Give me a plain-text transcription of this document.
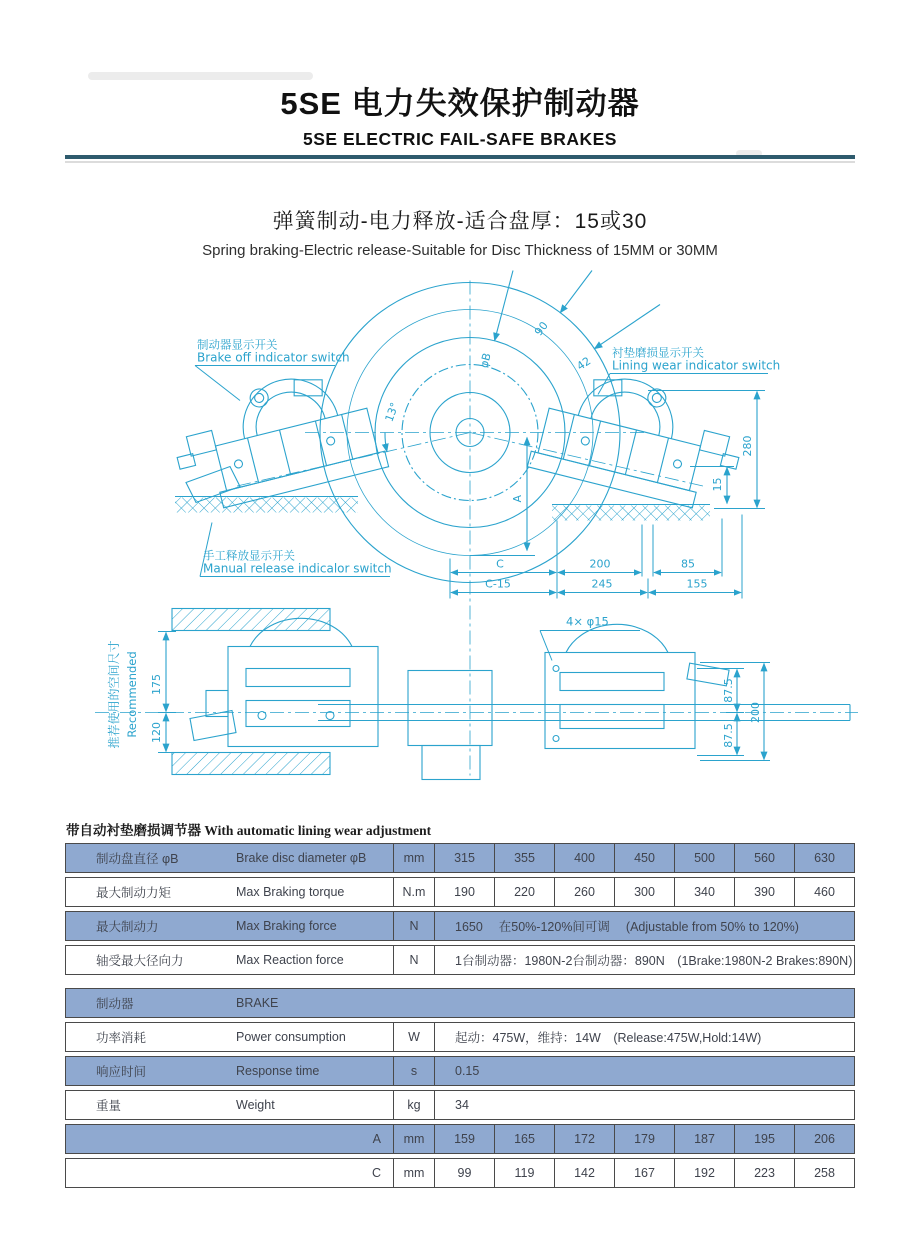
5SE 电力失效保护制动器
5SE ELECTRIC FAIL-SAFE BRAKES
弹簧制动-电力释放-适合盘厚：15或30
Spring braking-Electric release-Suitable for Disc Thickness of 15MM or 30MM
制动器显示开关
Brake off indicator switch	衬垫磨损显示开关
Lining wear indicator switch
手工释放显示开关
Manual release indicalor switch
φB
90
42
13°
A
280
15
C	200	85
C-15	245	155
4× φ15
175
120
推荐使用的空间尺寸 Recommended	87.5
87.5
200
带自动衬垫磨损调节器 With automatic lining wear adjustment
制动盘直径 φB	Brake disc diameter φB	mm	315	355	400	450	500	560	630
最大制动力矩	Max Braking torque	N.m	190	220	260	300	340	390	460
最大制动力	Max Braking force	N	1650　 在50%-120%间可调 　(Adjustable from 50% to 120%)
轴受最大径向力	Max Reaction force	N	1台制动器：1980N-2台制动器：890N　(1Brake:1980N-2 Brakes:890N)
制动器	BRAKE
功率消耗	Power consumption	W	起动：475W，维持：14W　(Release:475W,Hold:14W)
响应时间	Response time	s	0.15
重量	Weight	kg	34
A	mm	159	165	172	179	187	195	206
C	mm	99	119	142	167	192	223	258
